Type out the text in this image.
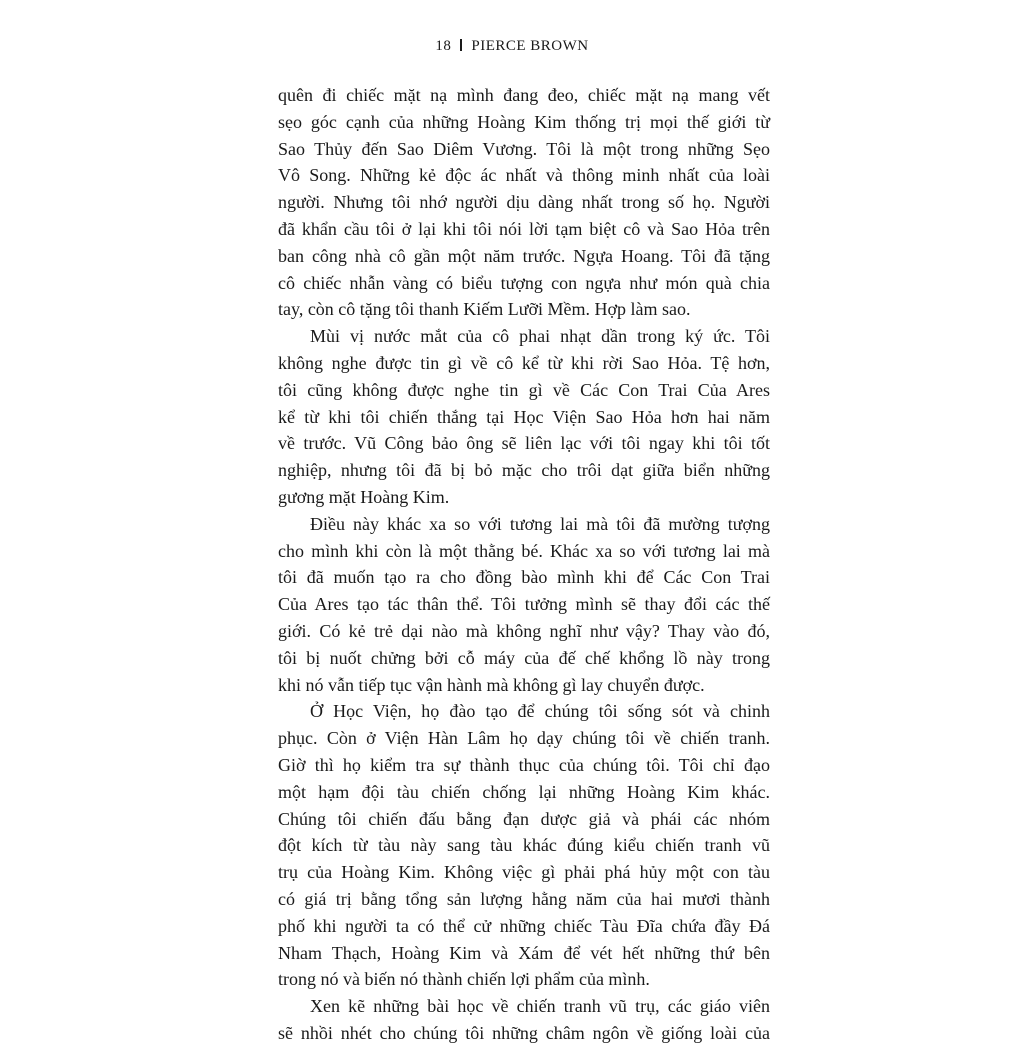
18 PIERCE BROWN
quên đi chiếc mặt nạ mình đang đeo, chiếc mặt nạ mang vết
sẹo góc cạnh của những Hoàng Kim thống trị mọi thế giới từ
Sao Thủy đến Sao Diêm Vương. Tôi là một trong những Sẹo
Vô Song. Những kẻ độc ác nhất và thông minh nhất của loài
người. Nhưng tôi nhớ người dịu dàng nhất trong số họ. Người
đã khẩn cầu tôi ở lại khi tôi nói lời tạm biệt cô và Sao Hỏa trên
ban công nhà cô gần một năm trước. Ngựa Hoang. Tôi đã tặng
cô chiếc nhẫn vàng có biểu tượng con ngựa như món quà chia
tay, còn cô tặng tôi thanh Kiếm Lưỡi Mềm. Hợp làm sao.
Mùi vị nước mắt của cô phai nhạt dần trong ký ức. Tôi
không nghe được tin gì về cô kể từ khi rời Sao Hỏa. Tệ hơn,
tôi cũng không được nghe tin gì về Các Con Trai Của Ares
kể từ khi tôi chiến thắng tại Học Viện Sao Hỏa hơn hai năm
về trước. Vũ Công bảo ông sẽ liên lạc với tôi ngay khi tôi tốt
nghiệp, nhưng tôi đã bị bỏ mặc cho trôi dạt giữa biển những
gương mặt Hoàng Kim.
Điều này khác xa so với tương lai mà tôi đã mường tượng
cho mình khi còn là một thằng bé. Khác xa so với tương lai mà
tôi đã muốn tạo ra cho đồng bào mình khi để Các Con Trai
Của Ares tạo tác thân thể. Tôi tưởng mình sẽ thay đổi các thế
giới. Có kẻ trẻ dại nào mà không nghĩ như vậy? Thay vào đó,
tôi bị nuốt chửng bởi cỗ máy của đế chế khổng lồ này trong
khi nó vẫn tiếp tục vận hành mà không gì lay chuyển được.
Ở Học Viện, họ đào tạo để chúng tôi sống sót và chinh
phục. Còn ở Viện Hàn Lâm họ dạy chúng tôi về chiến tranh.
Giờ thì họ kiểm tra sự thành thục của chúng tôi. Tôi chỉ đạo
một hạm đội tàu chiến chống lại những Hoàng Kim khác.
Chúng tôi chiến đấu bằng đạn dược giả và phái các nhóm
đột kích từ tàu này sang tàu khác đúng kiểu chiến tranh vũ
trụ của Hoàng Kim. Không việc gì phải phá hủy một con tàu
có giá trị bằng tổng sản lượng hằng năm của hai mươi thành
phố khi người ta có thể cử những chiếc Tàu Đĩa chứa đầy Đá
Nham Thạch, Hoàng Kim và Xám để vét hết những thứ bên
trong nó và biến nó thành chiến lợi phẩm của mình.
Xen kẽ những bài học về chiến tranh vũ trụ, các giáo viên
sẽ nhồi nhét cho chúng tôi những châm ngôn về giống loài của
